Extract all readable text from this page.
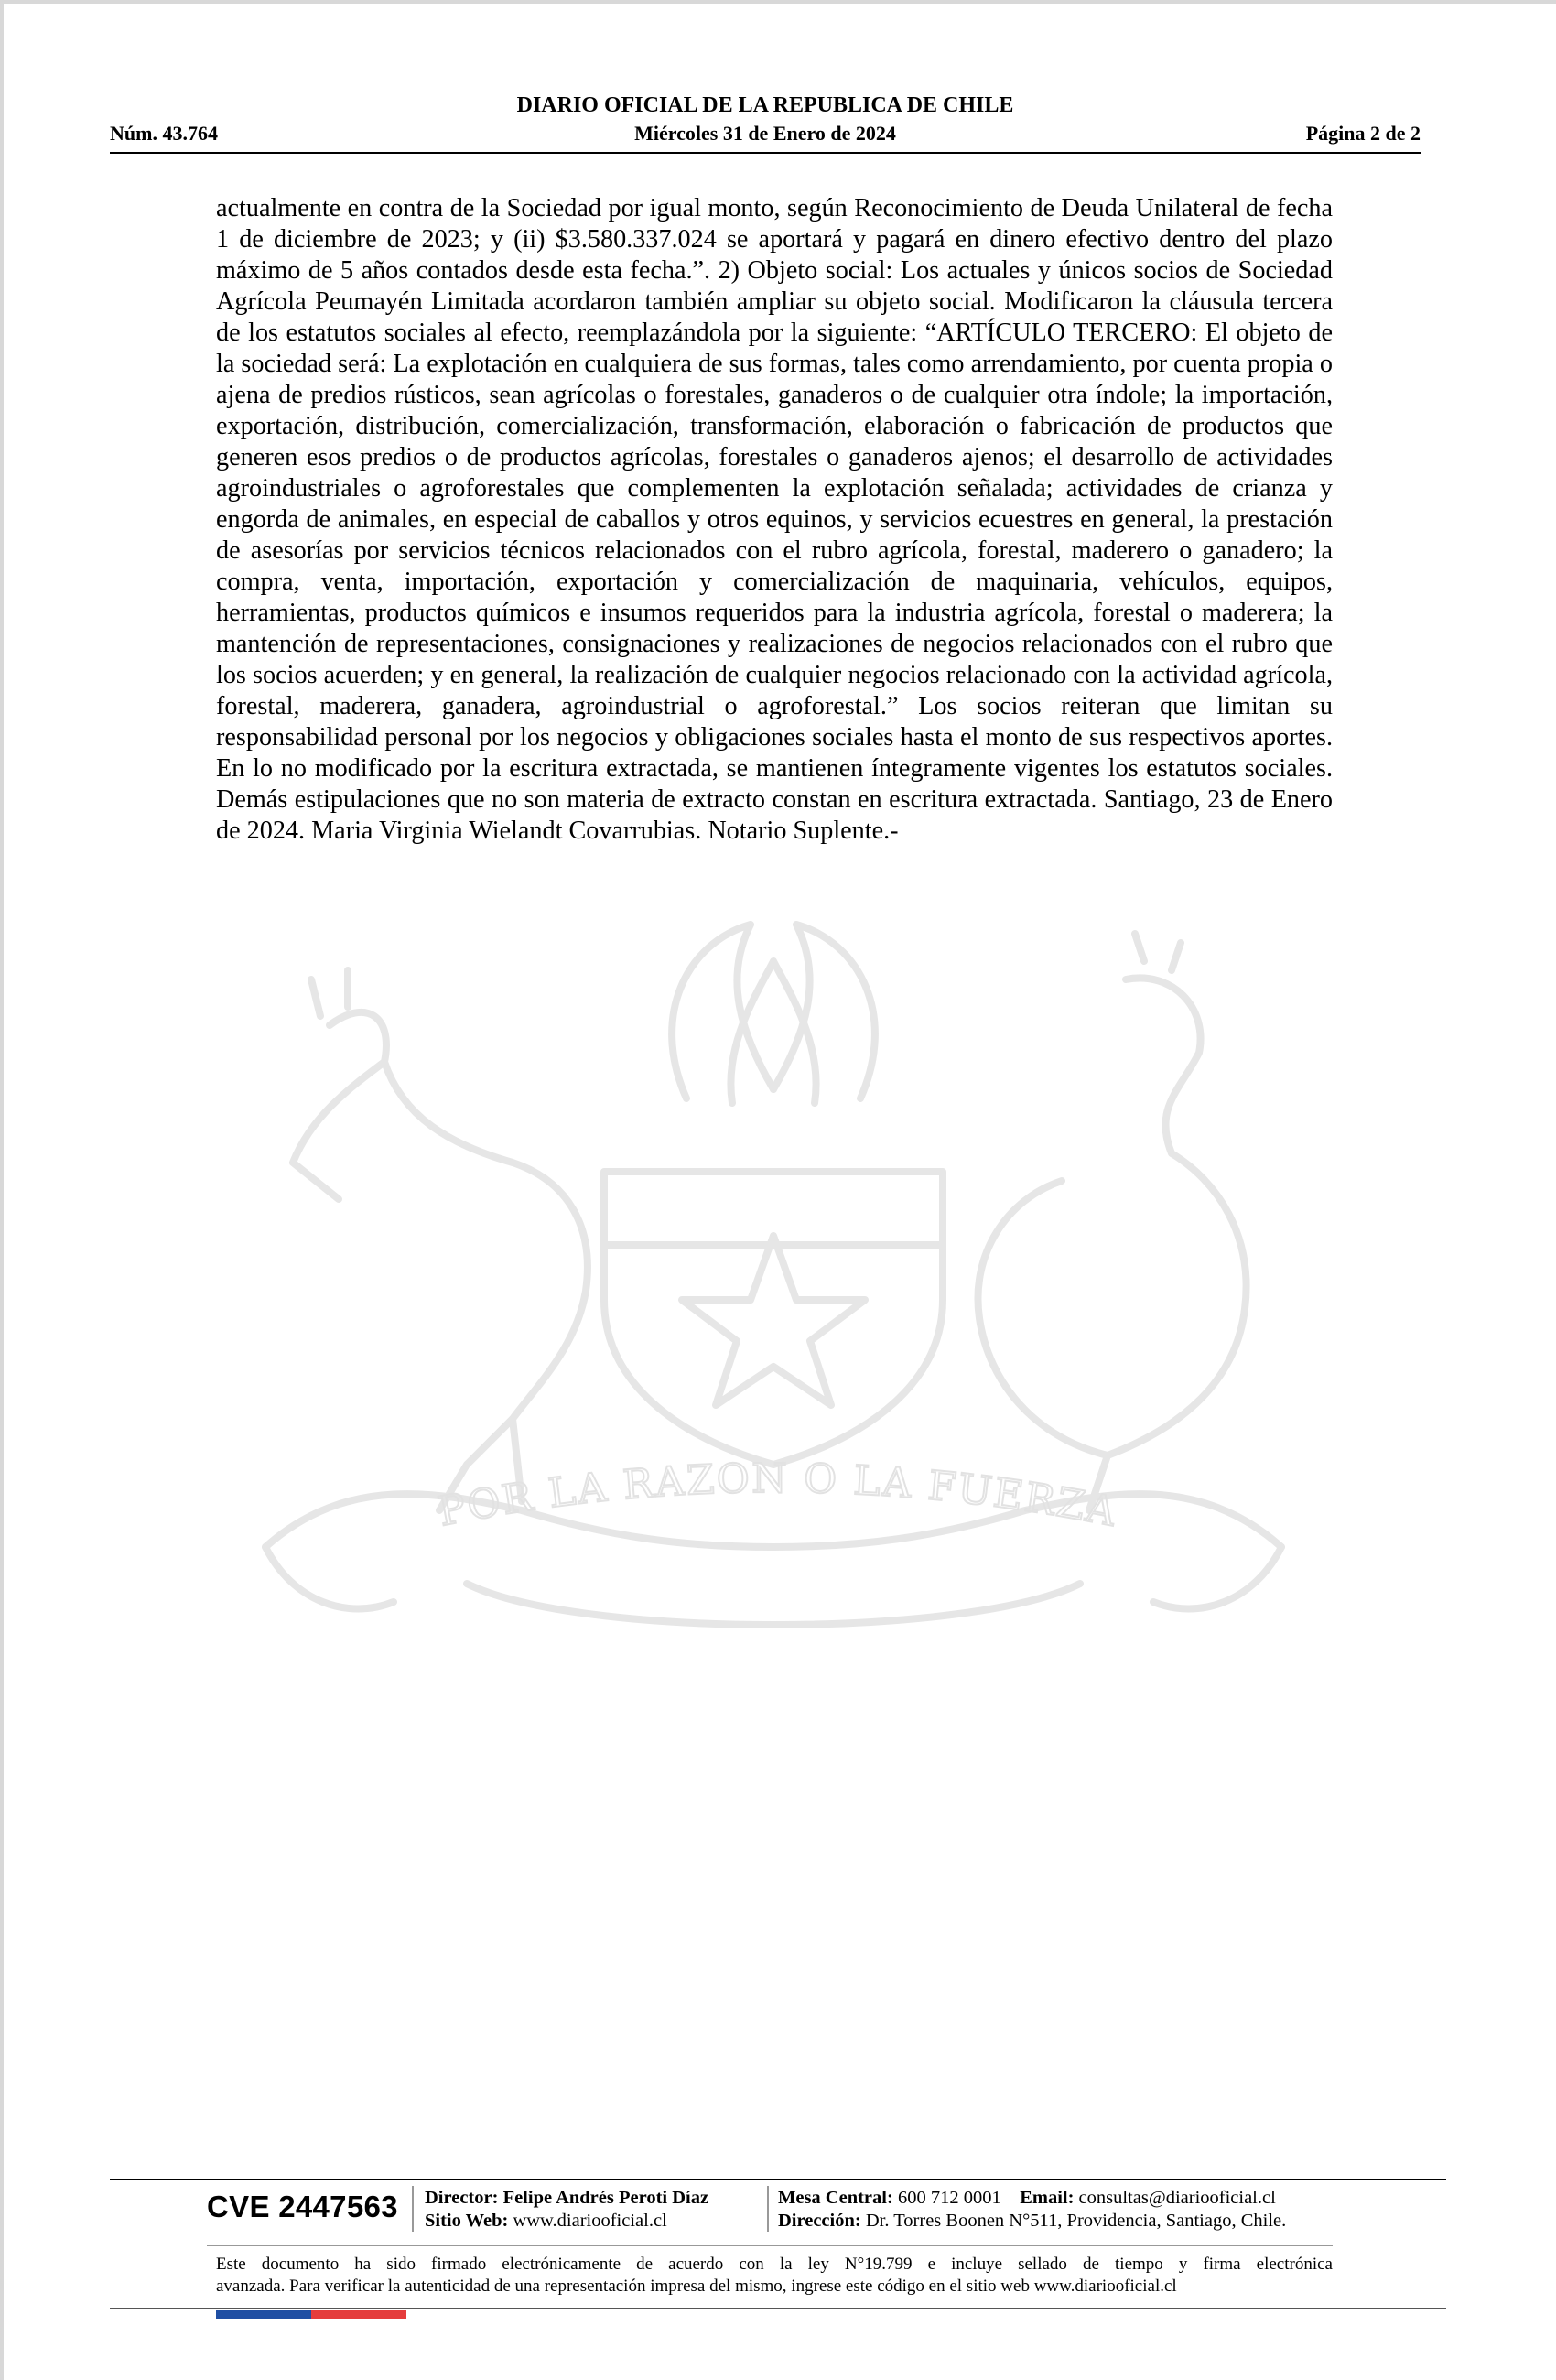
DIARIO OFICIAL DE LA REPUBLICA DE CHILE
Núm. 43.764	Miércoles 31 de Enero de 2024	Página 2 de 2
POR LA RAZON O LA FUERZA
actualmente en contra de la Sociedad por igual monto, según Reconocimiento de Deuda Unilateral de fecha 1 de diciembre de 2023; y (ii) $3.580.337.024 se aportará y pagará en dinero efectivo dentro del plazo máximo de 5 años contados desde esta fecha.”. 2) Objeto social: Los actuales y únicos socios de Sociedad Agrícola Peumayén Limitada acordaron también ampliar su objeto social. Modificaron la cláusula tercera de los estatutos sociales al efecto, reemplazándola por la siguiente: “ARTÍCULO TERCERO: El objeto de la sociedad será: La explotación en cualquiera de sus formas, tales como arrendamiento, por cuenta propia o ajena de predios rústicos, sean agrícolas o forestales, ganaderos o de cualquier otra índole; la importación, exportación, distribución, comercialización, transformación, elaboración o fabricación de productos que generen esos predios o de productos agrícolas, forestales o ganaderos ajenos; el desarrollo de actividades agroindustriales o agroforestales que complementen la explotación señalada; actividades de crianza y engorda de animales, en especial de caballos y otros equinos, y servicios ecuestres en general, la prestación de asesorías por servicios técnicos relacionados con el rubro agrícola, forestal, maderero o ganadero; la compra, venta, importación, exportación y comercialización de maquinaria, vehículos, equipos, herramientas, productos químicos e insumos requeridos para la industria agrícola, forestal o maderera; la mantención de representaciones, consignaciones y realizaciones de negocios relacionados con el rubro que los socios acuerden; y en general, la realización de cualquier negocios relacionado con la actividad agrícola, forestal, maderera, ganadera, agroindustrial o agroforestal.” Los socios reiteran que limitan su responsabilidad personal por los negocios y obligaciones sociales hasta el monto de sus respectivos aportes. En lo no modificado por la escritura extractada, se mantienen íntegramente vigentes los estatutos sociales. Demás estipulaciones que no son materia de extracto constan en escritura extractada. Santiago, 23 de Enero de 2024. Maria Virginia Wielandt Covarrubias. Notario Suplente.-
CVE 2447563	Director: Felipe Andrés Peroti Díaz
Sitio Web: www.diariooficial.cl
Mesa Central: 600 712 0001 Email: consultas@diariooficial.cl
Dirección: Dr. Torres Boonen N°511, Providencia, Santiago, Chile.
Este documento ha sido firmado electrónicamente de acuerdo con la ley N°19.799 e incluye sellado de tiempo y firma electrónica
avanzada. Para verificar la autenticidad de una representación impresa del mismo, ingrese este código en el sitio web www.diariooficial.cl
